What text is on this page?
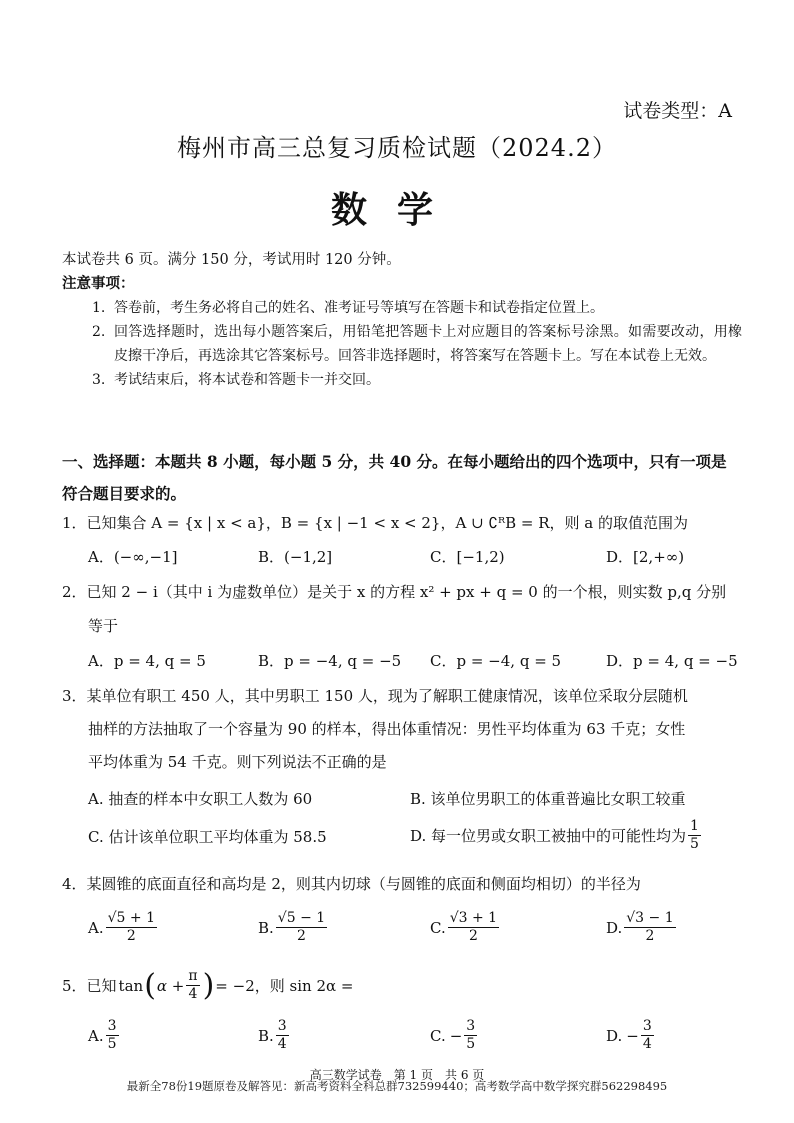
试卷类型：A
梅州市高三总复习质检试题（2024.2）
数学
本试卷共 6 页。满分 150 分，考试用时 120 分钟。
注意事项：
1. 答卷前，考生务必将自己的姓名、准考证号等填写在答题卡和试卷指定位置上。
2. 回答选择题时，选出每小题答案后，用铅笔把答题卡上对应题目的答案标号涂黑。如需要改动，用橡皮擦干净后，再选涂其它答案标号。回答非选择题时，将答案写在答题卡上。写在本试卷上无效。
3. 考试结束后，将本试卷和答题卡一并交回。
一、选择题：本题共 8 小题，每小题 5 分，共 40 分。在每小题给出的四个选项中，只有一项是符合题目要求的。
1．已知集合 A = {x | x < a}，B = {x | −1 < x < 2}，A ∪ ∁ᴿB = R，则 a 的取值范围为
A．(−∞,−1]	B．(−1,2]	C．[−1,2)	D．[2,+∞)
2．已知 2 − i（其中 i 为虚数单位）是关于 x 的方程 x² + px + q = 0 的一个根，则实数 p,q 分别
等于
A．p = 4, q = 5	B．p = −4, q = −5 C．p = −4, q = 5	D．p = 4, q = −5
3．某单位有职工 450 人，其中男职工 150 人，现为了解职工健康情况，该单位采取分层随机
抽样的方法抽取了一个容量为 90 的样本，得出体重情况：男性平均体重为 63 千克；女性
平均体重为 54 千克。则下列说法不正确的是
A. 抽查的样本中女职工人数为 60	B. 该单位男职工的体重普遍比女职工较重
C. 估计该单位职工平均体重为 58.5	D. 每一位男或女职工被抽中的可能性均为 $\frac{1}{5}$
4．某圆锥的底面直径和高均是 2，则其内切球（与圆锥的底面和侧面均相切）的半径为
A. $\frac{√5 + 1}{2}$	B. $\frac{√5 - 1}{2}$	C. $\frac{√3 + 1}{2}$	D. $\frac{√3 - 1}{2}$
5．已知 tan ( $\alpha + \frac{\pi}{4}$ ) = −2 ，则 sin 2α =
A. $\frac{3}{5}$	B. $\frac{3}{4}$	C. − $\frac{3}{5}$	D. − $\frac{3}{4}$
高三数学试卷　第 1 页　共 6 页
最新全78份19题原卷及解答见：新高考资料全科总群732599440；高考数学高中数学探究群562298495
